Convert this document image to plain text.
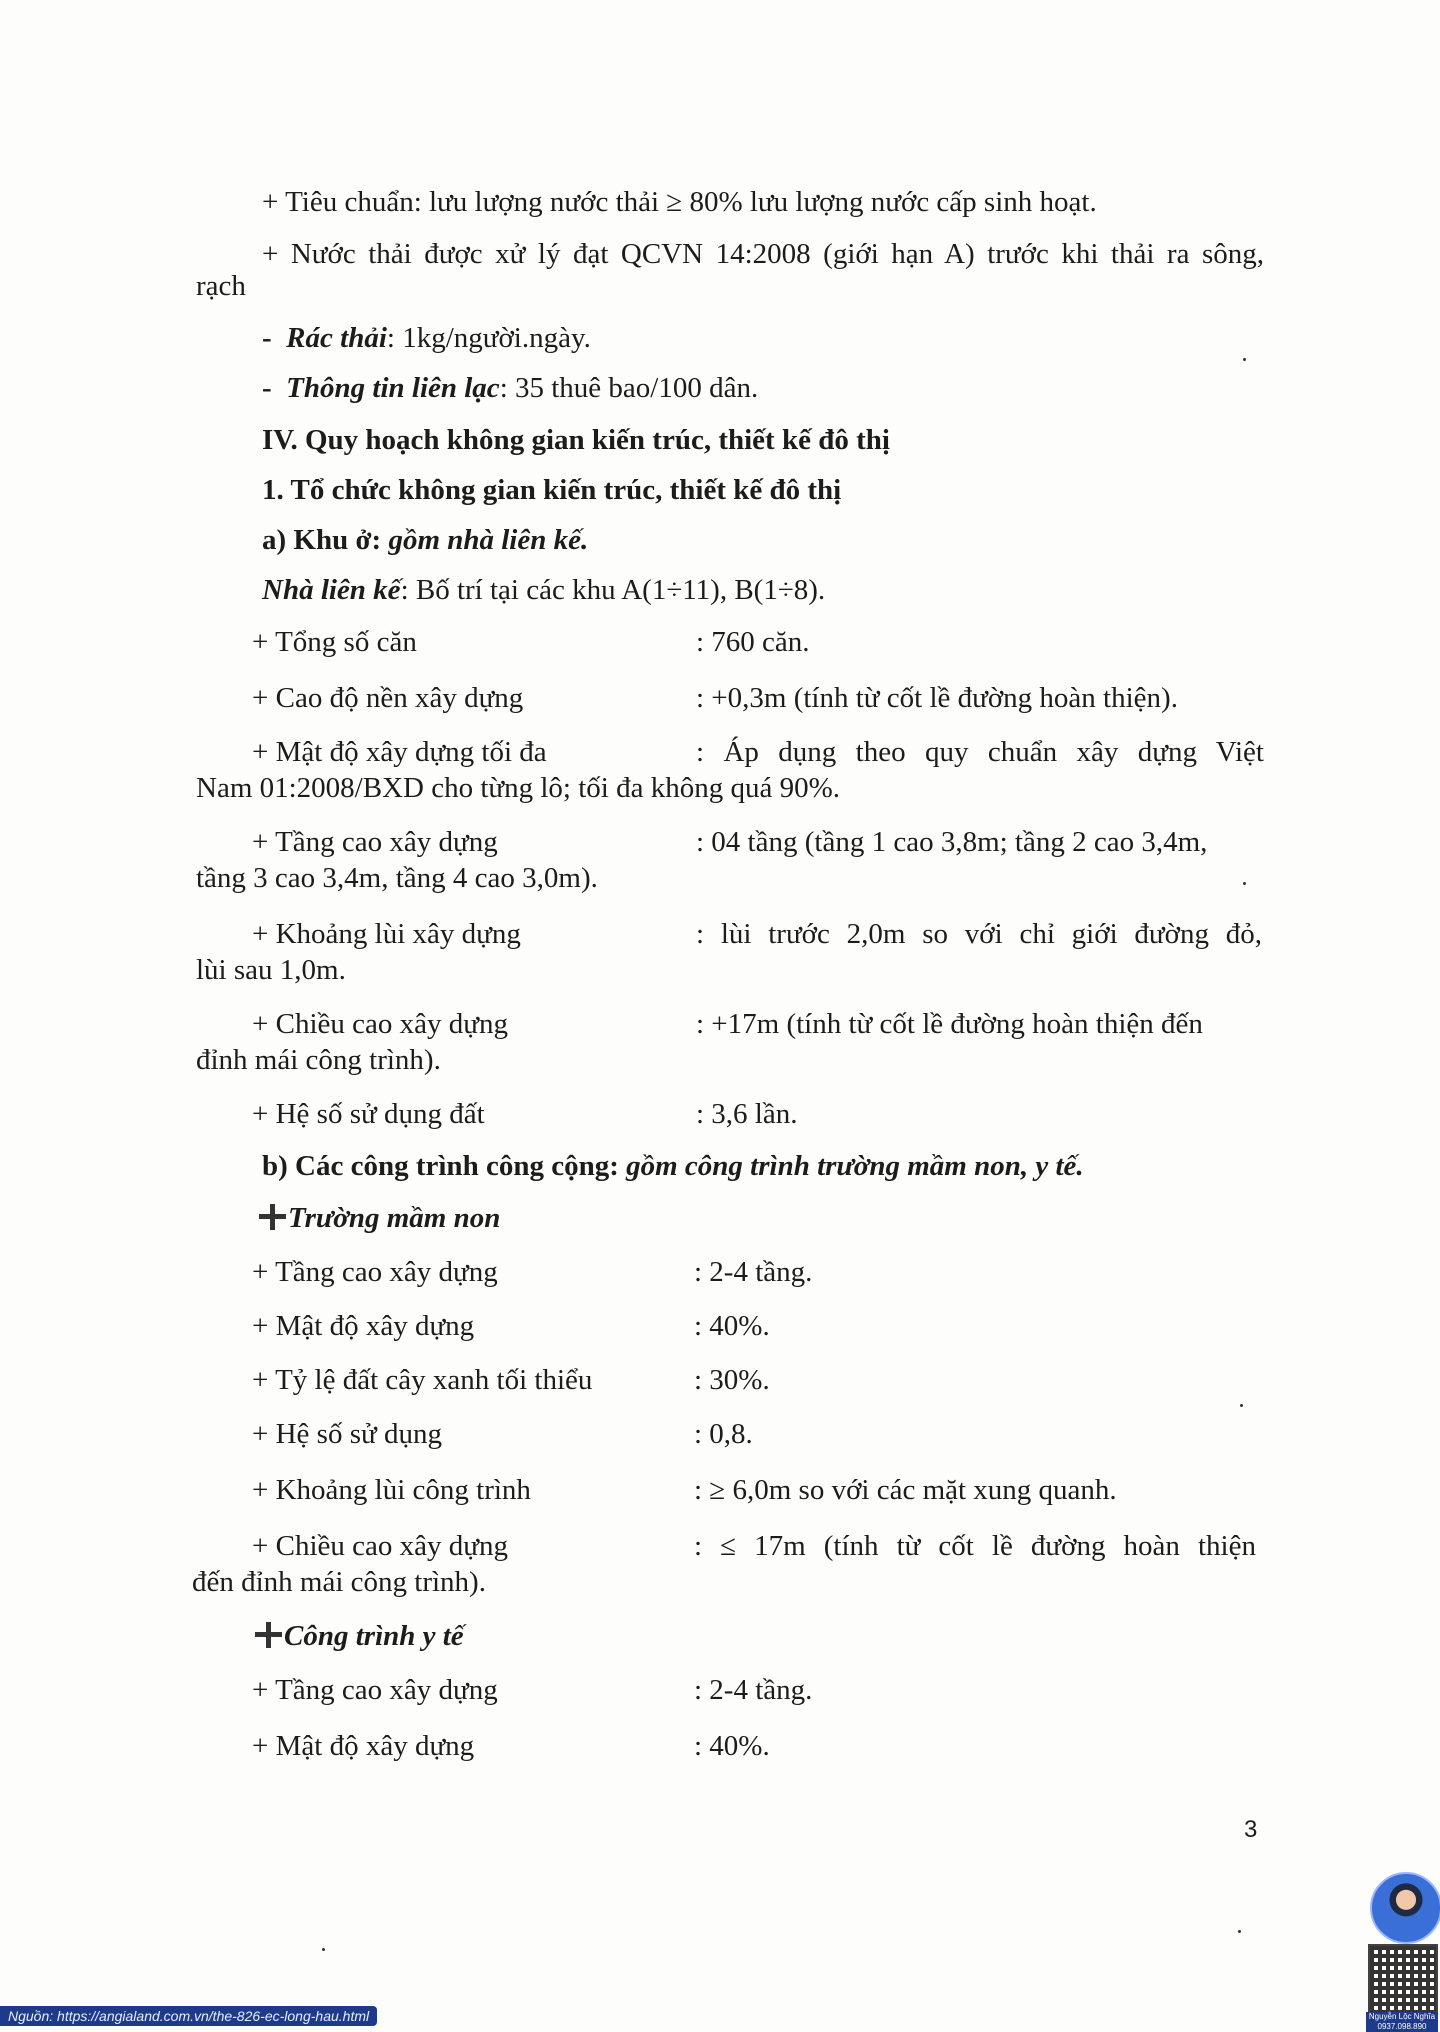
+ Tiêu chuẩn: lưu lượng nước thải ≥ 80% lưu lượng nước cấp sinh hoạt.
+ Nước thải được xử lý đạt QCVN 14:2008 (giới hạn A) trước khi thải ra sông,
rạch
-  Rác thải: 1kg/người.ngày.
-  Thông tin liên lạc: 35 thuê bao/100 dân.
IV. Quy hoạch không gian kiến trúc, thiết kế đô thị
1. Tổ chức không gian kiến trúc, thiết kế đô thị
a) Khu ở: gồm nhà liên kế.
Nhà liên kế: Bố trí tại các khu A(1÷11), B(1÷8).
+ Tổng số căn	: 760 căn.
+ Cao độ nền xây dựng	: +0,3m (tính từ cốt lề đường hoàn thiện).
+ Mật độ xây dựng tối đa	: Áp dụng theo quy chuẩn xây dựng Việt
Nam 01:2008/BXD cho từng lô; tối đa không quá 90%.
+ Tầng cao xây dựng	: 04 tầng (tầng 1 cao 3,8m; tầng 2 cao 3,4m,
tầng 3 cao 3,4m, tầng 4 cao 3,0m).
+ Khoảng lùi xây dựng	: lùi trước 2,0m so với chỉ giới đường đỏ,
lùi sau 1,0m.
+ Chiều cao xây dựng	: +17m (tính từ cốt lề đường hoàn thiện đến
đỉnh mái công trình).
+ Hệ số sử dụng đất	: 3,6 lần.
b) Các công trình công cộng: gồm công trình trường mầm non, y tế.
Trường mầm non
+ Tầng cao xây dựng	: 2-4 tầng.
+ Mật độ xây dựng	: 40%.
+ Tỷ lệ đất cây xanh tối thiểu	: 30%.
+ Hệ số sử dụng	: 0,8.
+ Khoảng lùi công trình	: ≥ 6,0m so với các mặt xung quanh.
+ Chiều cao xây dựng	: ≤ 17m (tính từ cốt lề đường hoàn thiện
đến đỉnh mái công trình).
Công trình y tế
+ Tầng cao xây dựng	: 2-4 tầng.
+ Mật độ xây dựng	: 40%.
3
Nguồn: https://angialand.com.vn/the-826-ec-long-hau.html	Nguyễn Lộc Nghĩa 0937.098.890
